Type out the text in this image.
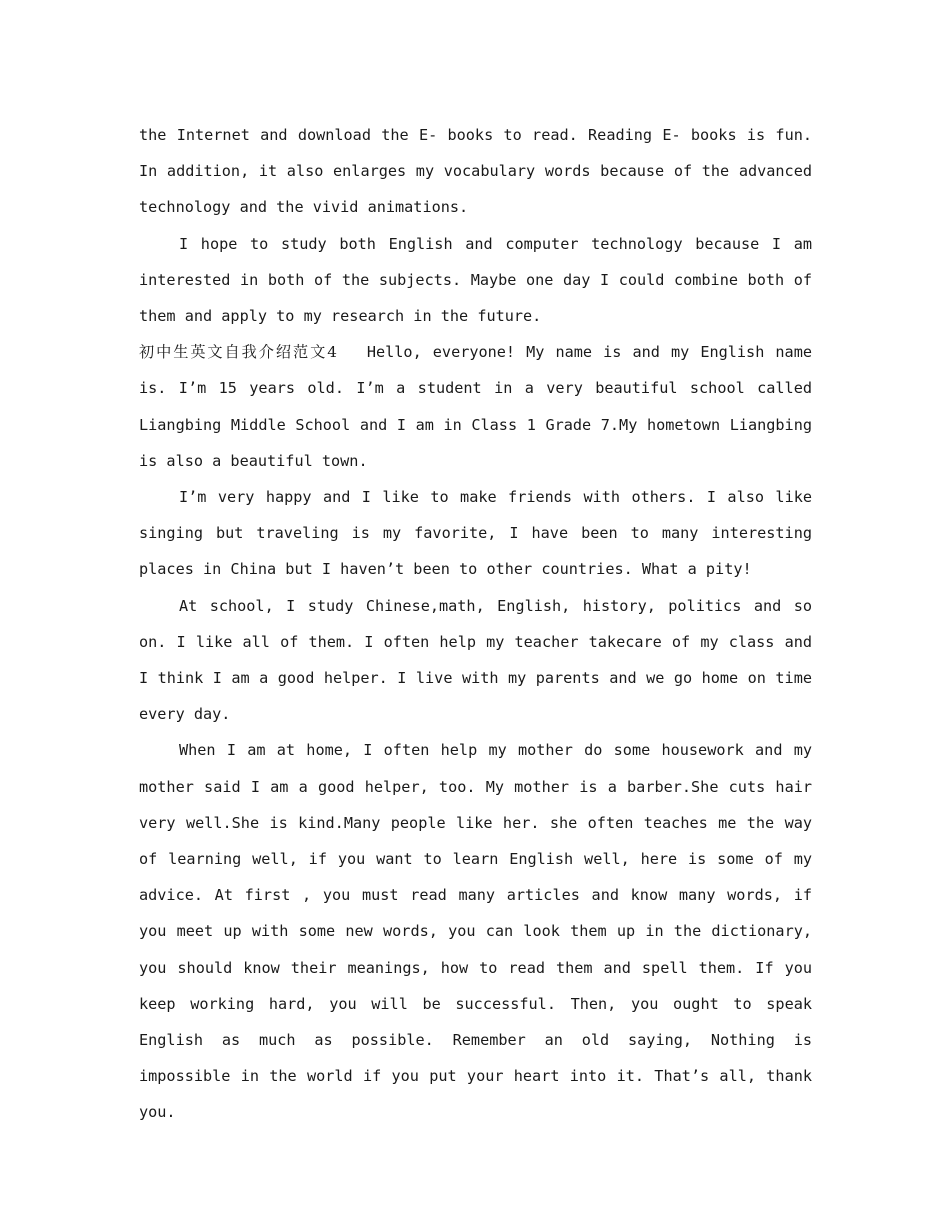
the Internet and download the E- books to read. Reading E- books is fun. In addition, it also enlarges my vocabulary words because of the advanced technology and the vivid animations.

I hope to study both English and computer technology because I am interested in both of the subjects. Maybe one day I could combine both of them and apply to my research in the future.

初中生英文自我介绍范文4 Hello, everyone! My name is and my English name is. I’m 15 years old. I’m a student in a very beautiful school called Liangbing Middle School and I am in Class 1 Grade 7.My hometown Liangbing is also a beautiful town.

I’m very happy and I like to make friends with others. I also like singing but traveling is my favorite, I have been to many interesting places in China but I haven’t been to other countries. What a pity!

At school, I study Chinese,math, English, history, politics and so on. I like all of them. I often help my teacher takecare of my class and I think I am a good helper. I live with my parents and we go home on time every day.

When I am at home, I often help my mother do some housework and my mother said I am a good helper, too. My mother is a barber.She cuts hair very well.She is kind.Many people like her. she often teaches me the way of learning well, if you want to learn English well, here is some of my advice. At first , you must read many articles and know many words, if you meet up with some new words, you can look them up in the dictionary, you should know their meanings, how to read them and spell them. If you keep working hard, you will be successful. Then, you ought to speak English as much as possible. Remember an old saying, Nothing is impossible in the world if you put your heart into it. That’s all, thank you.
